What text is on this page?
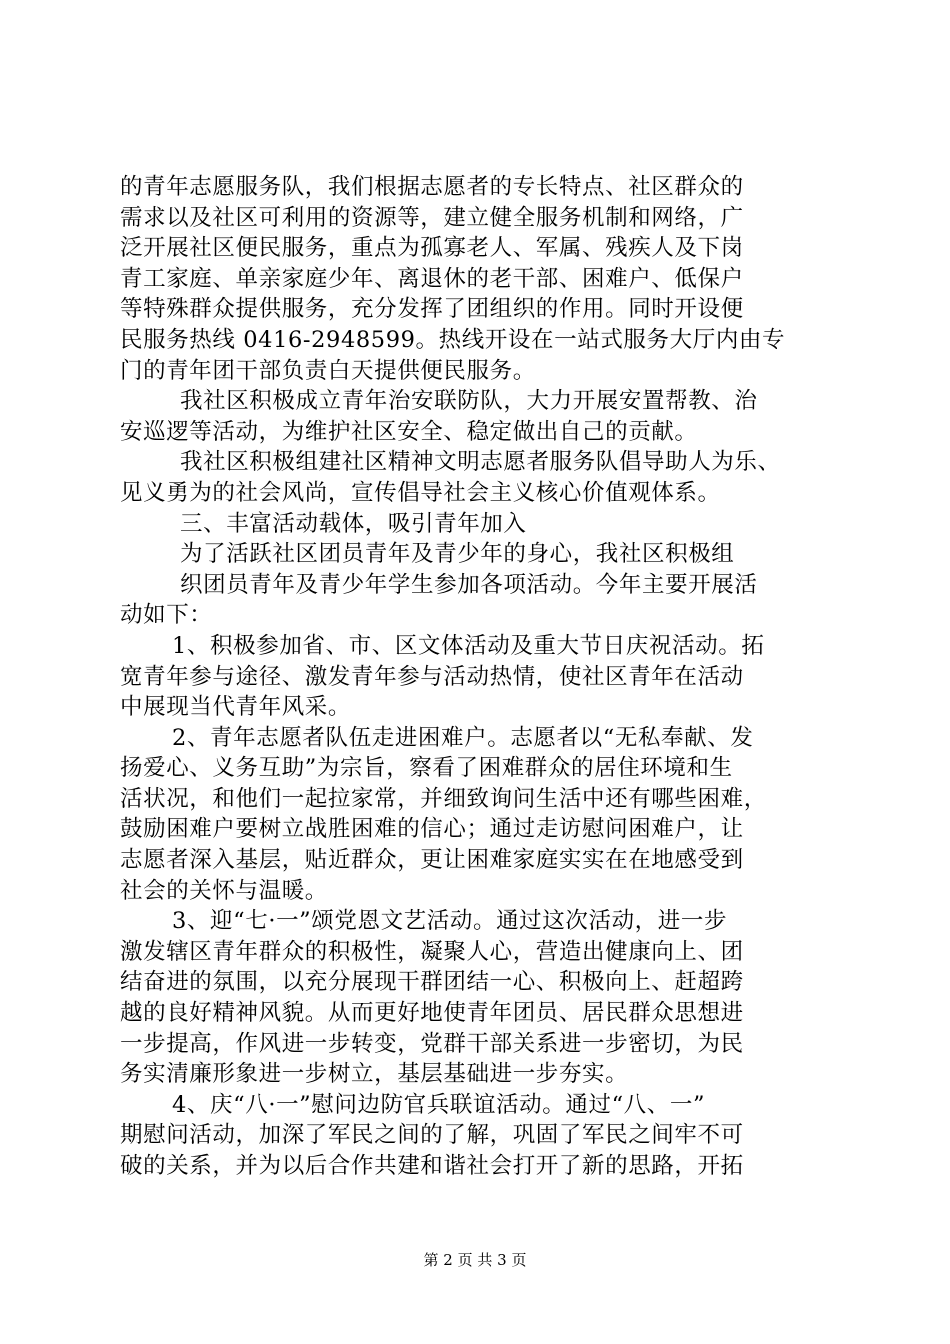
的青年志愿服务队，我们根据志愿者的专长特点、社区群众的
需求以及社区可利用的资源等，建立健全服务机制和网络，广
泛开展社区便民服务，重点为孤寡老人、军属、残疾人及下岗
青工家庭、单亲家庭少年、离退休的老干部、困难户、低保户
等特殊群众提供服务，充分发挥了团组织的作用。同时开设便
民服务热线 0416-2948599。热线开设在一站式服务大厅内由专
门的青年团干部负责白天提供便民服务。
我社区积极成立青年治安联防队，大力开展安置帮教、治
安巡逻等活动，为维护社区安全、稳定做出自己的贡献。
我社区积极组建社区精神文明志愿者服务队倡导助人为乐、
见义勇为的社会风尚，宣传倡导社会主义核心价值观体系。
三、丰富活动载体，吸引青年加入
为了活跃社区团员青年及青少年的身心，我社区积极组
织团员青年及青少年学生参加各项活动。今年主要开展活
动如下：
1、积极参加省、市、区文体活动及重大节日庆祝活动。拓
宽青年参与途径、激发青年参与活动热情，使社区青年在活动
中展现当代青年风采。
2、青年志愿者队伍走进困难户。志愿者以“无私奉献、发
扬爱心、义务互助”为宗旨，察看了困难群众的居住环境和生
活状况，和他们一起拉家常，并细致询问生活中还有哪些困难，
鼓励困难户要树立战胜困难的信心；通过走访慰问困难户，让
志愿者深入基层，贴近群众，更让困难家庭实实在在地感受到
社会的关怀与温暖。
3、迎“七·一”颂党恩文艺活动。通过这次活动，进一步
激发辖区青年群众的积极性，凝聚人心，营造出健康向上、团
结奋进的氛围，以充分展现干群团结一心、积极向上、赶超跨
越的良好精神风貌。从而更好地使青年团员、居民群众思想进
一步提高，作风进一步转变，党群干部关系进一步密切，为民
务实清廉形象进一步树立，基层基础进一步夯实。
4、庆“八·一”慰问边防官兵联谊活动。通过“八、一”
期慰问活动，加深了军民之间的了解，巩固了军民之间牢不可
破的关系，并为以后合作共建和谐社会打开了新的思路，开拓
第 2 页 共 3 页
